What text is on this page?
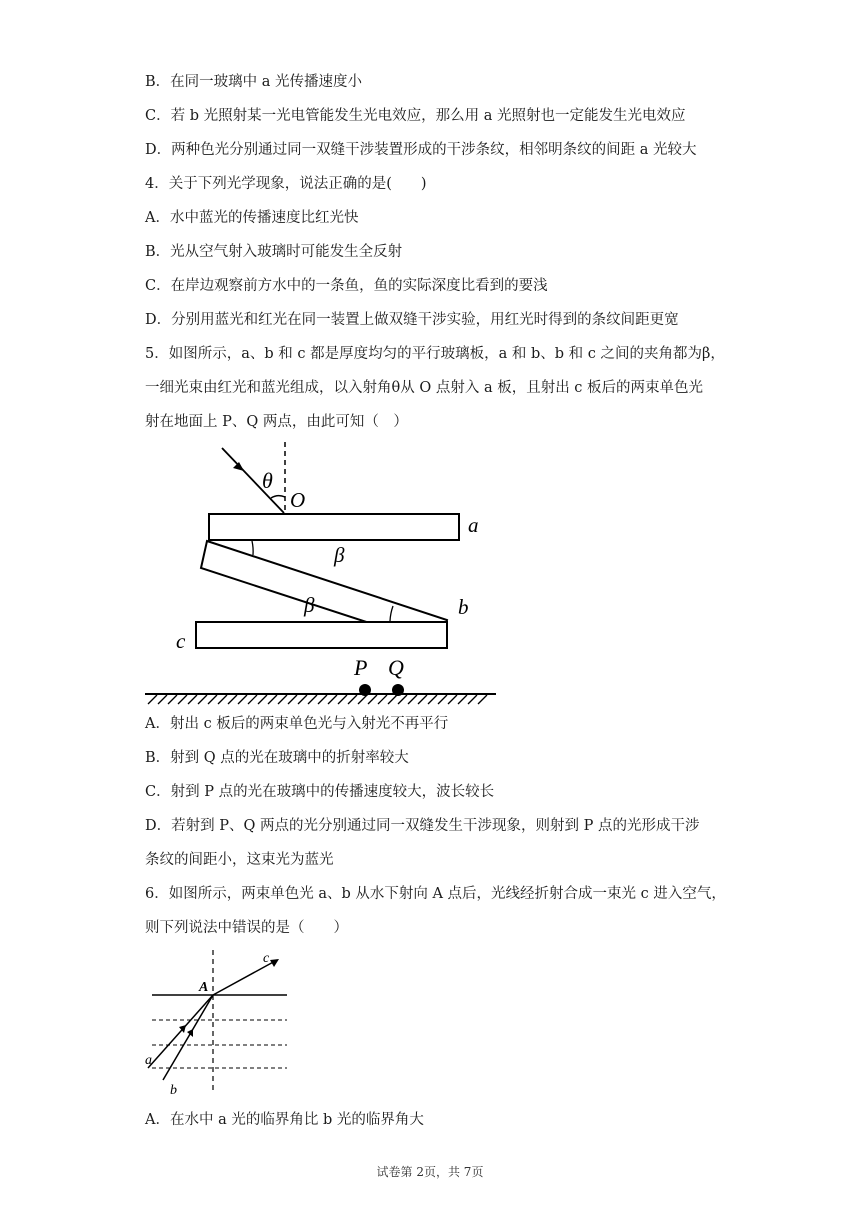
B．在同一玻璃中 a 光传播速度小
C．若 b 光照射某一光电管能发生光电效应，那么用 a 光照射也一定能发生光电效应
D．两种色光分别通过同一双缝干涉装置形成的干涉条纹，相邻明条纹的间距 a 光较大
4．关于下列光学现象，说法正确的是(　　)
A．水中蓝光的传播速度比红光快
B．光从空气射入玻璃时可能发生全反射
C．在岸边观察前方水中的一条鱼，鱼的实际深度比看到的要浅
D．分别用蓝光和红光在同一装置上做双缝干涉实验，用红光时得到的条纹间距更宽
5．如图所示，a、b 和 c 都是厚度均匀的平行玻璃板，a 和 b、b 和 c 之间的夹角都为β，
一细光束由红光和蓝光组成，以入射角θ从 O 点射入 a 板，且射出 c 板后的两束单色光
射在地面上 P、Q 两点，由此可知（　）
θ
O
a
b
β
c
β
P Q
A．射出 c 板后的两束单色光与入射光不再平行
B．射到 Q 点的光在玻璃中的折射率较大
C．射到 P 点的光在玻璃中的传播速度较大，波长较长
D．若射到 P、Q 两点的光分别通过同一双缝发生干涉现象，则射到 P 点的光形成干涉
条纹的间距小，这束光为蓝光
6．如图所示，两束单色光 a、b 从水下射向 A 点后，光线经折射合成一束光 c 进入空气，
则下列说法中错误的是（　　）
c
a
b
A
A．在水中 a 光的临界角比 b 光的临界角大
试卷第 2页，共 7页
